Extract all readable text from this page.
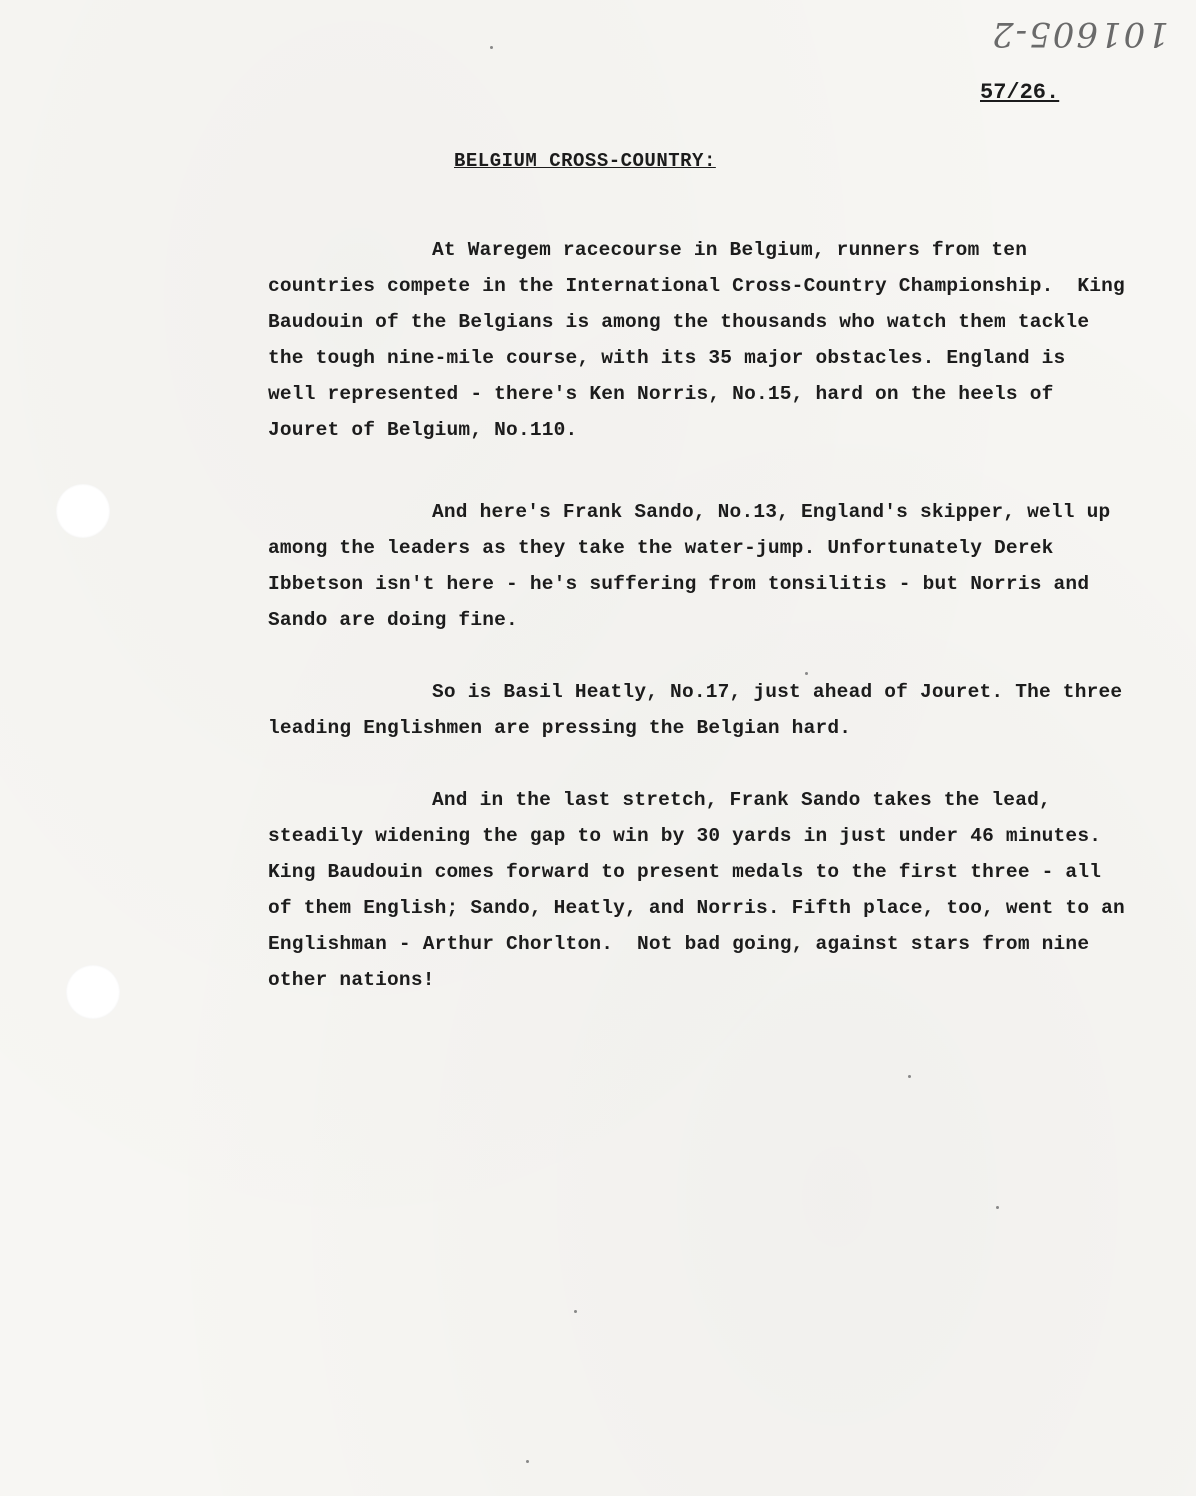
101605-2
57/26.
BELGIUM CROSS-COUNTRY:
At Waregem racecourse in Belgium, runners from ten
countries compete in the International Cross-Country Championship.  King
Baudouin of the Belgians is among the thousands who watch them tackle
the tough nine-mile course, with its 35 major obstacles. England is
well represented - there's Ken Norris, No.15, hard on the heels of
Jouret of Belgium, No.110.
And here's Frank Sando, No.13, England's skipper, well up
among the leaders as they take the water-jump. Unfortunately Derek
Ibbetson isn't here - he's suffering from tonsilitis - but Norris and
Sando are doing fine.
So is Basil Heatly, No.17, just ahead of Jouret. The three
leading Englishmen are pressing the Belgian hard.
And in the last stretch, Frank Sando takes the lead,
steadily widening the gap to win by 30 yards in just under 46 minutes.
King Baudouin comes forward to present medals to the first three - all
of them English; Sando, Heatly, and Norris. Fifth place, too, went to an
Englishman - Arthur Chorlton.  Not bad going, against stars from nine
other nations!
